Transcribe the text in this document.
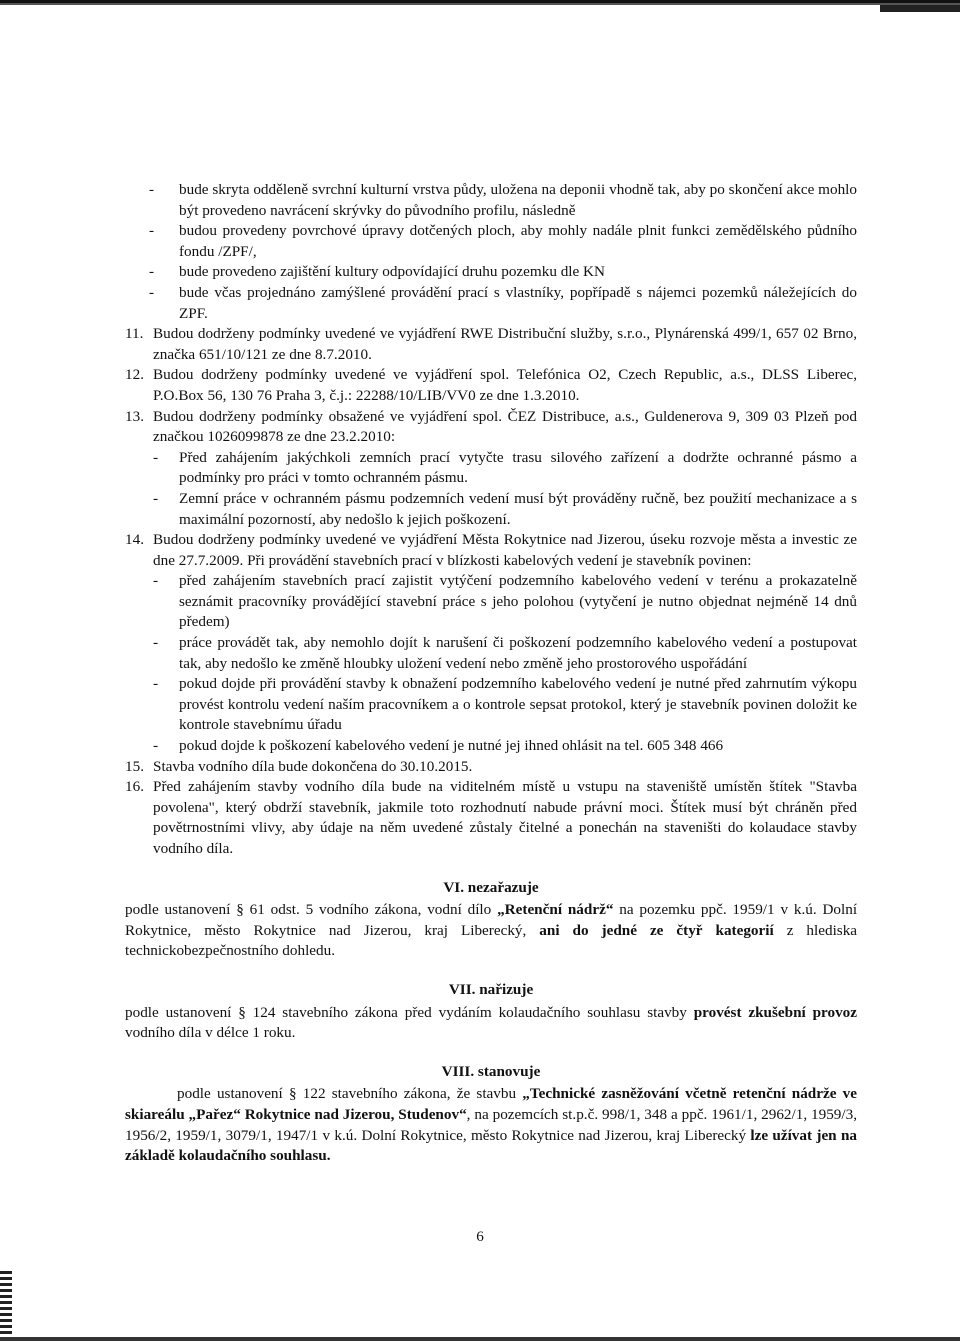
- bude skryta odděleně svrchní kulturní vrstva půdy, uložena na deponii vhodně tak, aby po skončení akce mohlo být provedeno navrácení skrývky do původního profilu, následně
- budou provedeny povrchové úpravy dotčených ploch, aby mohly nadále plnit funkci zemědělského půdního fondu /ZPF/,
- bude provedeno zajištění kultury odpovídající druhu pozemku dle KN
- bude včas projednáno zamýšlené provádění prací s vlastníky, popřípadě s nájemci pozemků náležejících do ZPF.
11. Budou dodrženy podmínky uvedené ve vyjádření RWE Distribuční služby, s.r.o., Plynárenská 499/1, 657 02 Brno, značka 651/10/121 ze dne 8.7.2010.
12. Budou dodrženy podmínky uvedené ve vyjádření spol. Telefónica O2, Czech Republic, a.s., DLSS Liberec, P.O.Box 56, 130 76 Praha 3, č.j.: 22288/10/LIB/VV0 ze dne 1.3.2010.
13. Budou dodrženy podmínky obsažené ve vyjádření spol. ČEZ Distribuce, a.s., Guldenerova 9, 309 03 Plzeň pod značkou 1026099878 ze dne 23.2.2010:
- Před zahájením jakýchkoli zemních prací vytyčte trasu silového zařízení a dodržte ochranné pásmo a podmínky pro práci v tomto ochranném pásmu.
- Zemní práce v ochranném pásmu podzemních vedení musí být prováděny ručně, bez použití mechanizace a s maximální pozorností, aby nedošlo k jejich poškození.
14. Budou dodrženy podmínky uvedené ve vyjádření Města Rokytnice nad Jizerou, úseku rozvoje města a investic ze dne 27.7.2009. Při provádění stavebních prací v blízkosti kabelových vedení je stavebník povinen:
- před zahájením stavebních prací zajistit vytýčení podzemního kabelového vedení v terénu a prokazatelně seznámit pracovníky provádějící stavební práce s jeho polohou (vytyčení je nutno objednat nejméně 14 dnů předem)
- práce provádět tak, aby nemohlo dojít k narušení či poškození podzemního kabelového vedení a postupovat tak, aby nedošlo ke změně hloubky uložení vedení nebo změně jeho prostorového uspořádání
- pokud dojde při provádění stavby k obnažení podzemního kabelového vedení je nutné před zahrnutím výkopu provést kontrolu vedení naším pracovníkem a o kontrole sepsat protokol, který je stavebník povinen doložit ke kontrole stavebnímu úřadu
- pokud dojde k poškození kabelového vedení je nutné jej ihned ohlásit na tel. 605 348 466
15. Stavba vodního díla bude dokončena do 30.10.2015.
16. Před zahájením stavby vodního díla bude na viditelném místě u vstupu na staveniště umístěn štítek "Stavba povolena", který obdrží stavebník, jakmile toto rozhodnutí nabude právní moci. Štítek musí být chráněn před povětrnostními vlivy, aby údaje na něm uvedené zůstaly čitelné a ponechán na staveništi do kolaudace stavby vodního díla.
VI. nezařazuje
podle ustanovení § 61 odst. 5 vodního zákona, vodní dílo „Retenční nádrž“ na pozemku ppč. 1959/1 v k.ú. Dolní Rokytnice, město Rokytnice nad Jizerou, kraj Liberecký, ani do jedné ze čtyř kategorií z hlediska technickobezpečnostního dohledu.
VII. nařizuje
podle ustanovení § 124 stavebního zákona před vydáním kolaudačního souhlasu stavby provést zkušební provoz vodního díla v délce 1 roku.
VIII. stanovuje
podle ustanovení § 122 stavebního zákona, že stavbu „Technické zasněžování včetně retenční nádrže ve skiareálu „Pařez“ Rokytnice nad Jizerou, Studenov“, na pozemcích st.p.č. 998/1, 348 a ppč. 1961/1, 2962/1, 1959/3, 1956/2, 1959/1, 3079/1, 1947/1 v k.ú. Dolní Rokytnice, město Rokytnice nad Jizerou, kraj Liberecký lze užívat jen na základě kolaudačního souhlasu.
6
